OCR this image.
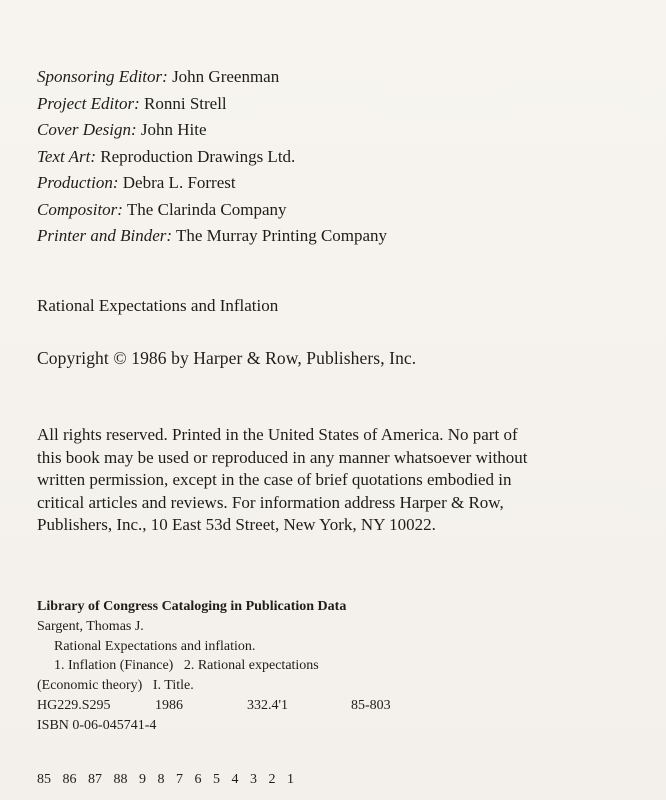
⁠ ⁠ ⁠
Sponsoring Editor: John Greenman
Project Editor: Ronni Strell
Cover Design: John Hite
Text Art: Reproduction Drawings Ltd.
Production: Debra L. Forrest
Compositor: The Clarinda Company
Printer and Binder: The Murray Printing Company
Rational Expectations and Inflation
Copyright © 1986 by Harper & Row, Publishers, Inc.
All rights reserved. Printed in the United States of America. No part of
this book may be used or reproduced in any manner whatsoever without
written permission, except in the case of brief quotations embodied in
critical articles and reviews. For information address Harper & Row,
Publishers, Inc., 10 East 53d Street, New York, NY 10022.
Library of Congress Cataloging in Publication Data
Sargent, Thomas J.
Rational Expectations and inflation.
1. Inflation (Finance)   2. Rational expectations
(Economic theory)   I. Title.
HG229.S295	1986	332.4'1	85-803
ISBN 0-06-045741-4
85 86 87 88 9 8 7 6 5 4 3 2 1
